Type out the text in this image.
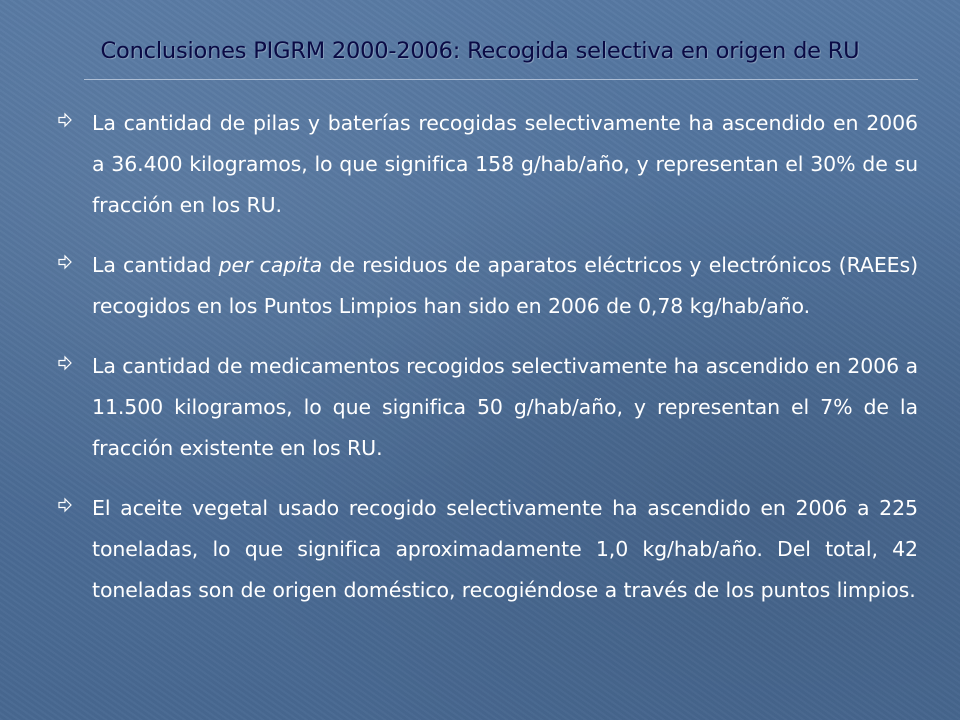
Conclusiones PIGRM 2000-2006: Recogida selectiva en origen de RU
La cantidad de pilas y baterías recogidas selectivamente ha ascendido en 2006 a 36.400 kilogramos, lo que significa 158 g/hab/año, y representan el 30% de su fracción en los RU.
La cantidad per capita de residuos de aparatos eléctricos y electrónicos (RAEEs) recogidos en los Puntos Limpios han sido en 2006 de 0,78 kg/hab/año.
La cantidad de medicamentos recogidos selectivamente ha ascendido en 2006 a 11.500 kilogramos, lo que significa 50 g/hab/año, y representan el 7% de la fracción existente en los RU.
El aceite vegetal usado recogido selectivamente ha ascendido en 2006 a 225 toneladas, lo que significa aproximadamente 1,0 kg/hab/año. Del total, 42 toneladas son de origen doméstico, recogiéndose a través de los puntos limpios.
